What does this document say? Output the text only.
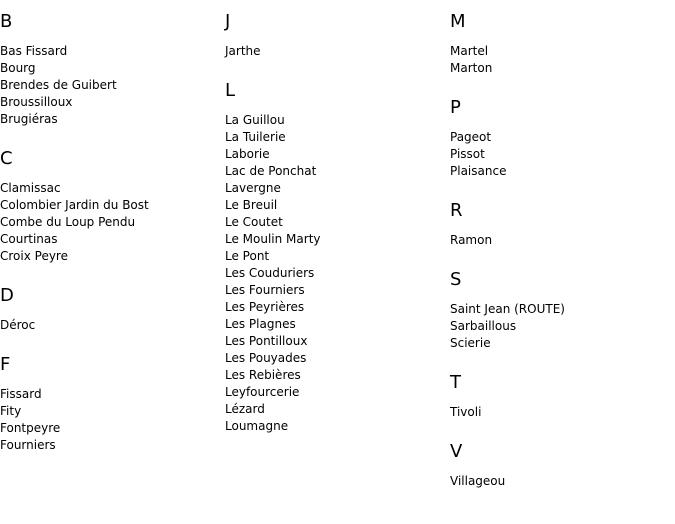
B
Bas Fissard
Bourg
Brendes de Guibert
Broussilloux
Brugiéras
C
Clamissac
Colombier Jardin du Bost
Combe du Loup Pendu
Courtinas
Croix Peyre
D
Déroc
F
Fissard
Fity
Fontpeyre
Fourniers
J
Jarthe
L
La Guillou
La Tuilerie
Laborie
Lac de Ponchat
Lavergne
Le Breuil
Le Coutet
Le Moulin Marty
Le Pont
Les Couduriers
Les Fourniers
Les Peyrières
Les Plagnes
Les Pontilloux
Les Pouyades
Les Rebières
Leyfourcerie
Lézard
Loumagne
M
Martel
Marton
P
Pageot
Pissot
Plaisance
R
Ramon
S
Saint Jean (ROUTE)
Sarbaillous
Scierie
T
Tivoli
V
Villageou
